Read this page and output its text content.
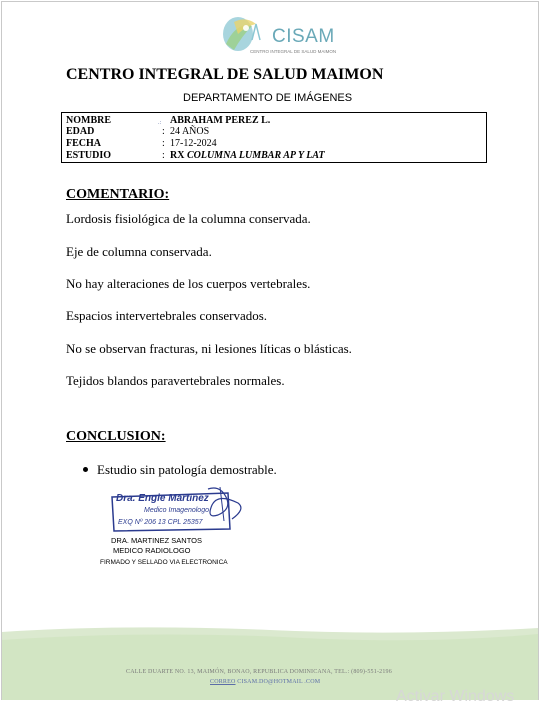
CISAM
CENTRO INTEGRAL DE SALUD MAIMON
CENTRO INTEGRAL DE SALUD MAIMON
DEPARTAMENTO DE IMÁGENES
NOMBRE	.: ABRAHAM PEREZ L.
EDAD	: 24 AÑOS
FECHA	: 17-12-2024
ESTUDIO	: RX COLUMNA LUMBAR AP Y LAT
COMENTARIO:
Lordosis fisiológica de la columna conservada.
Eje de columna conservada.
No hay alteraciones de los cuerpos vertebrales.
Espacios intervertebrales conservados.
No se observan fracturas, ni lesiones líticas o blásticas.
Tejidos blandos paravertebrales normales.
CONCLUSION:
Estudio sin patología demostrable.
Dra. Engie Martinez
Medico Imagenologo
EXQ Nº 206 13 CPL 25357
DRA. MARTINEZ SANTOS
MEDICO RADIOLOGO
FIRMADO Y SELLADO VIA ELECTRONICA
CALLE DUARTE NO. 13, MAIMÓN, BONAO, REPUBLICA DOMINICANA, TEL.: (809)-551-2196
CORREO CISAM.DO@HOTMAIL .COM
Activar Windows
